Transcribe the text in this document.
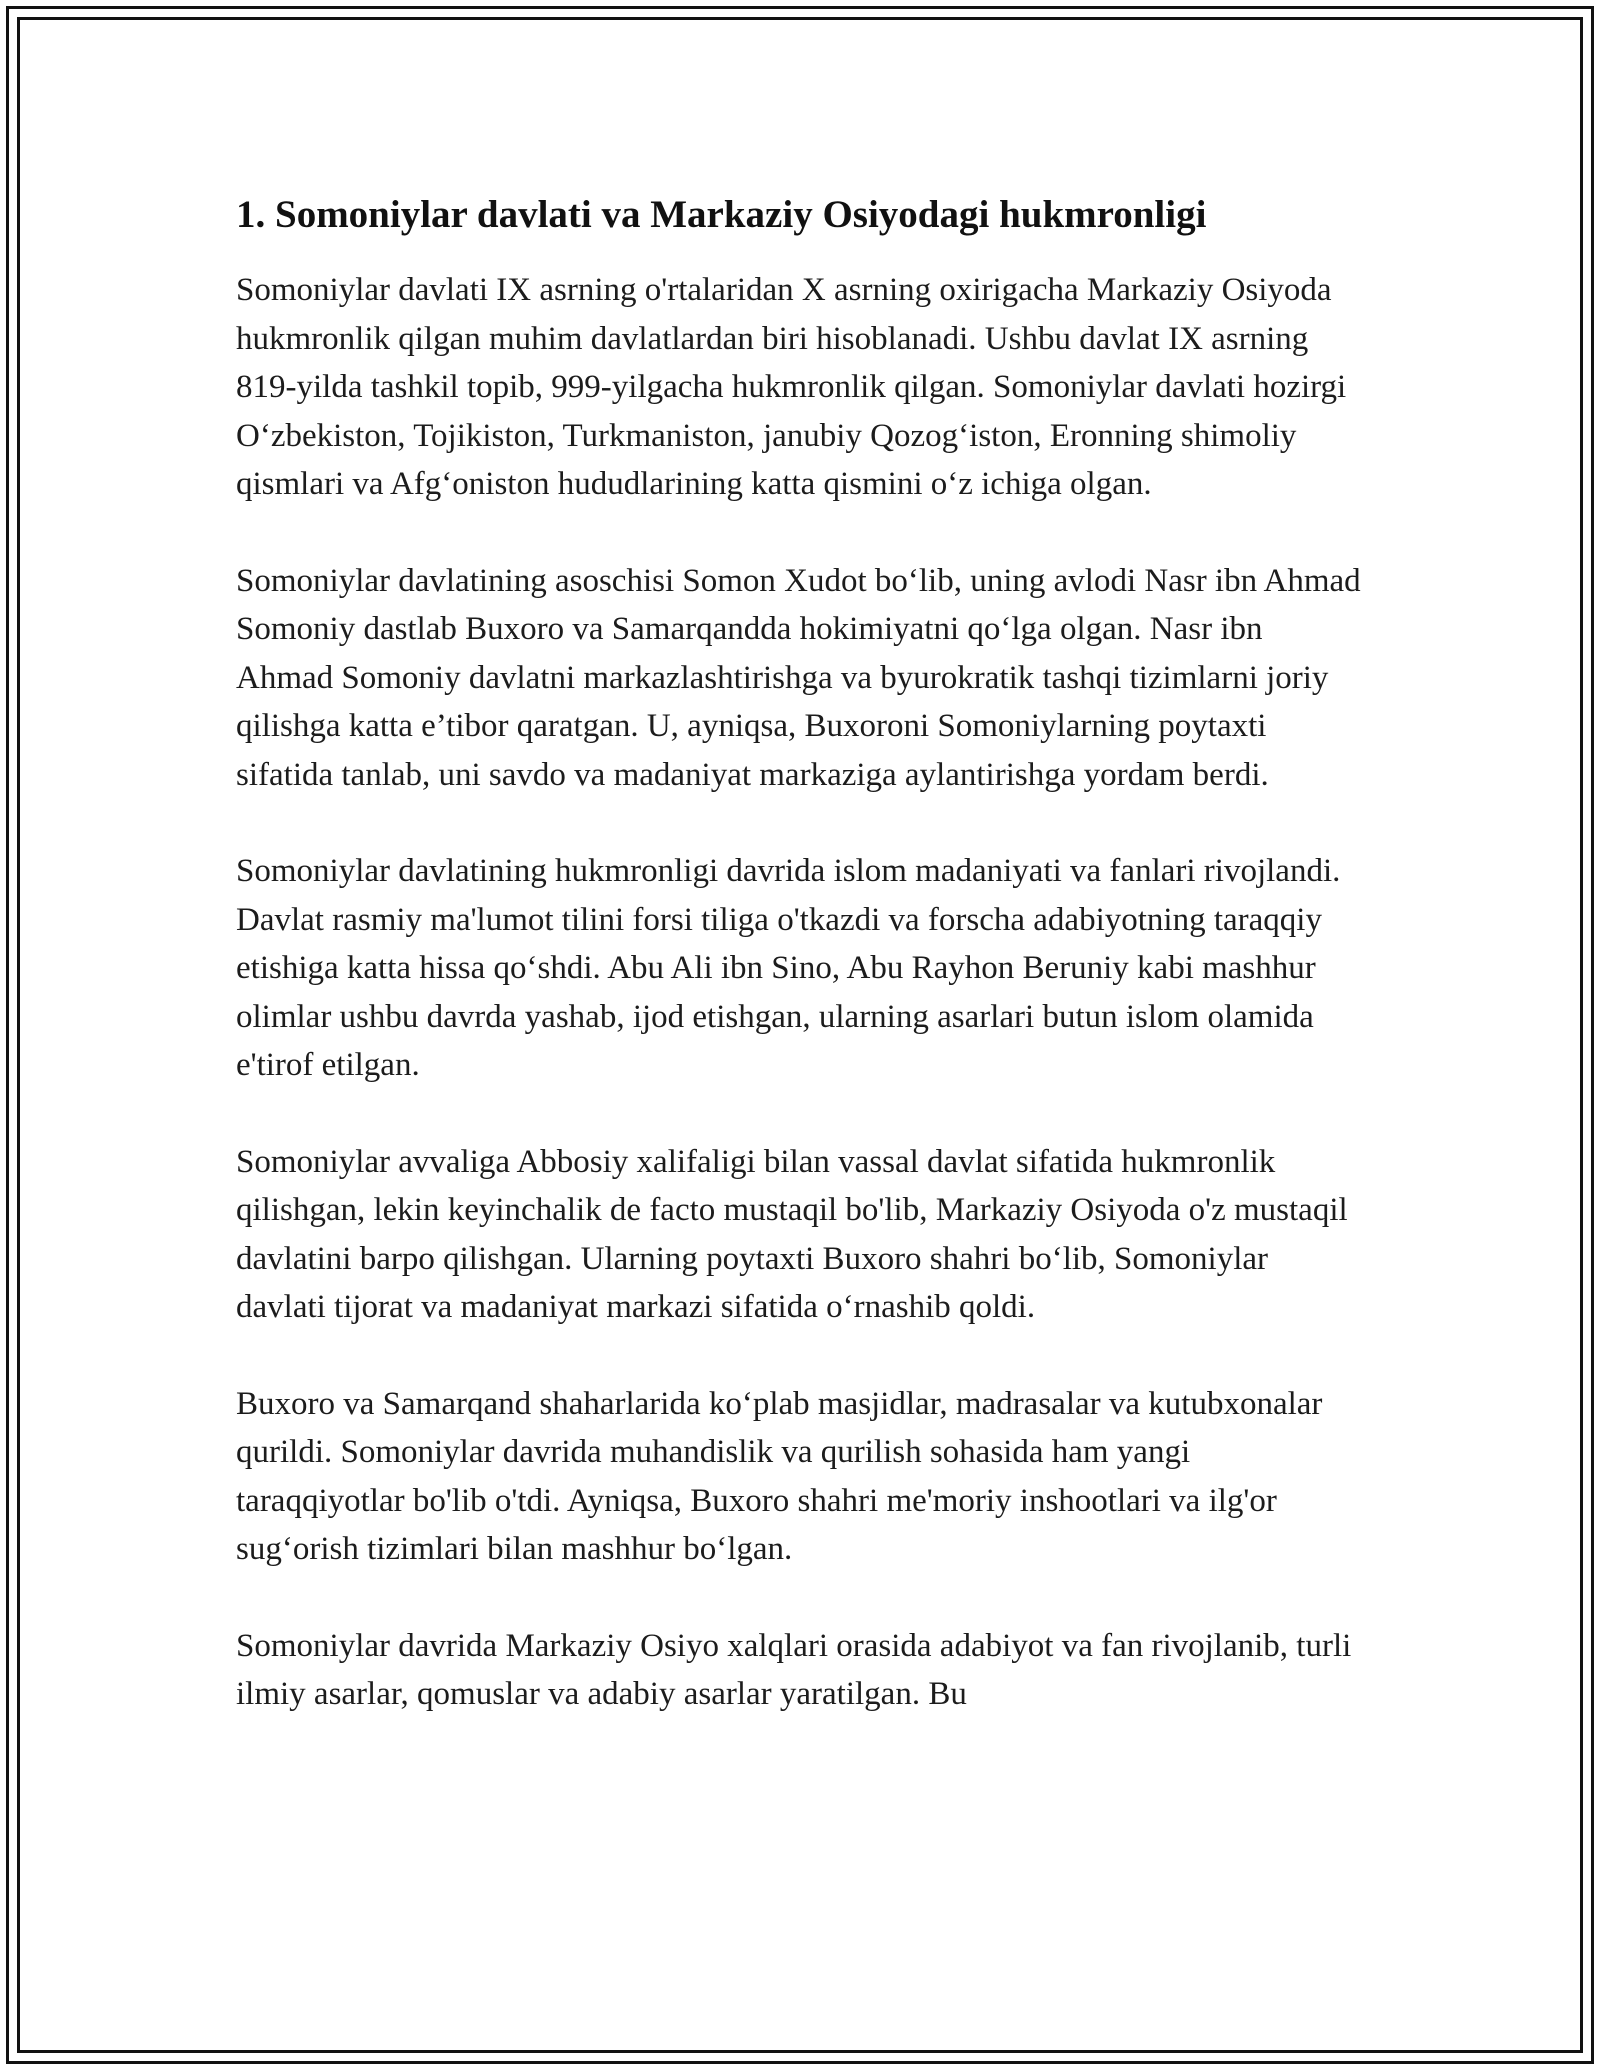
1. Somoniylar davlati va Markaziy Osiyodagi hukmronligi

Somoniylar davlati IX asrning o'rtalaridan X asrning oxirigacha Markaziy Osiyoda hukmronlik qilgan muhim davlatlardan biri hisoblanadi. Ushbu davlat IX asrning 819-yilda tashkil topib, 999-yilgacha hukmronlik qilgan. Somoniylar davlati hozirgi O‘zbekiston, Tojikiston, Turkmaniston, janubiy Qozog‘iston, Eronning shimoliy qismlari va Afg‘oniston hududlarining katta qismini o‘z ichiga olgan.

Somoniylar davlatining asoschisi Somon Xudot bo‘lib, uning avlodi Nasr ibn Ahmad Somoniy dastlab Buxoro va Samarqandda hokimiyatni qo‘lga olgan. Nasr ibn Ahmad Somoniy davlatni markazlashtirishga va byurokratik tashqi tizimlarni joriy qilishga katta e’tibor qaratgan. U, ayniqsa, Buxoroni Somoniylarning poytaxti sifatida tanlab, uni savdo va madaniyat markaziga aylantirishga yordam berdi.

Somoniylar davlatining hukmronligi davrida islom madaniyati va fanlari rivojlandi. Davlat rasmiy ma'lumot tilini forsi tiliga o'tkazdi va forscha adabiyotning taraqqiy etishiga katta hissa qo‘shdi. Abu Ali ibn Sino, Abu Rayhon Beruniy kabi mashhur olimlar ushbu davrda yashab, ijod etishgan, ularning asarlari butun islom olamida e'tirof etilgan.

Somoniylar avvaliga Abbosiy xalifaligi bilan vassal davlat sifatida hukmronlik qilishgan, lekin keyinchalik de facto mustaqil bo'lib, Markaziy Osiyoda o'z mustaqil davlatini barpo qilishgan. Ularning poytaxti Buxoro shahri bo‘lib, Somoniylar davlati tijorat va madaniyat markazi sifatida o‘rnashib qoldi.

Buxoro va Samarqand shaharlarida ko‘plab masjidlar, madrasalar va kutubxonalar qurildi. Somoniylar davrida muhandislik va qurilish sohasida ham yangi taraqqiyotlar bo'lib o'tdi. Ayniqsa, Buxoro shahri me'moriy inshootlari va ilg'or sug‘orish tizimlari bilan mashhur bo‘lgan.

Somoniylar davrida Markaziy Osiyo xalqlari orasida adabiyot va fan rivojlanib, turli ilmiy asarlar, qomuslar va adabiy asarlar yaratilgan. Bu
